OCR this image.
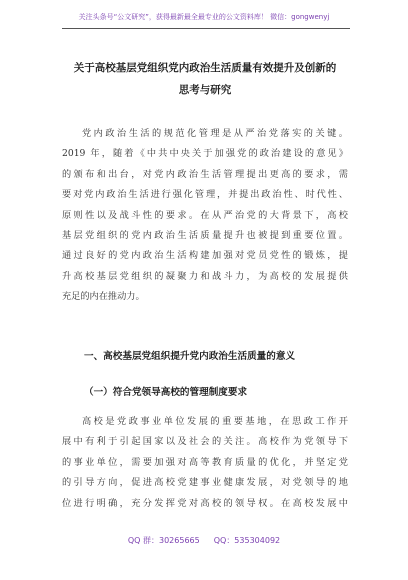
关注头条号“公文研究”，获得最新最全最专业的公文资料库！ 微信：gongwenyj
关于高校基层党组织党内政治生活质量有效提升及创新的
思考与研究
党内政治生活的规范化管理是从严治党落实的关键。
2019 年，随着《中共中央关于加强党的政治建设的意见》
的颁布和出台，对党内政治生活管理提出更高的要求，需
要对党内政治生活进行强化管理，并提出政治性、时代性、
原则性以及战斗性的要求。在从严治党的大背景下，高校
基层党组织的党内政治生活质量提升也被提到重要位置。
通过良好的党内政治生活构建加强对党员党性的锻炼，提
升高校基层党组织的凝聚力和战斗力，为高校的发展提供
充足的内在推动力。
一、高校基层党组织提升党内政治生活质量的意义
（一）符合党领导高校的管理制度要求
高校是党政事业单位发展的重要基地，在思政工作开
展中有利于引起国家以及社会的关注。高校作为党领导下
的事业单位，需要加强对高等教育质量的优化，并坚定党
的引导方向，促进高校党建事业健康发展，对党领导的地
位进行明确，充分发挥党对高校的领导权。在高校发展中
QQ 群：30265665 QQ：535304092
